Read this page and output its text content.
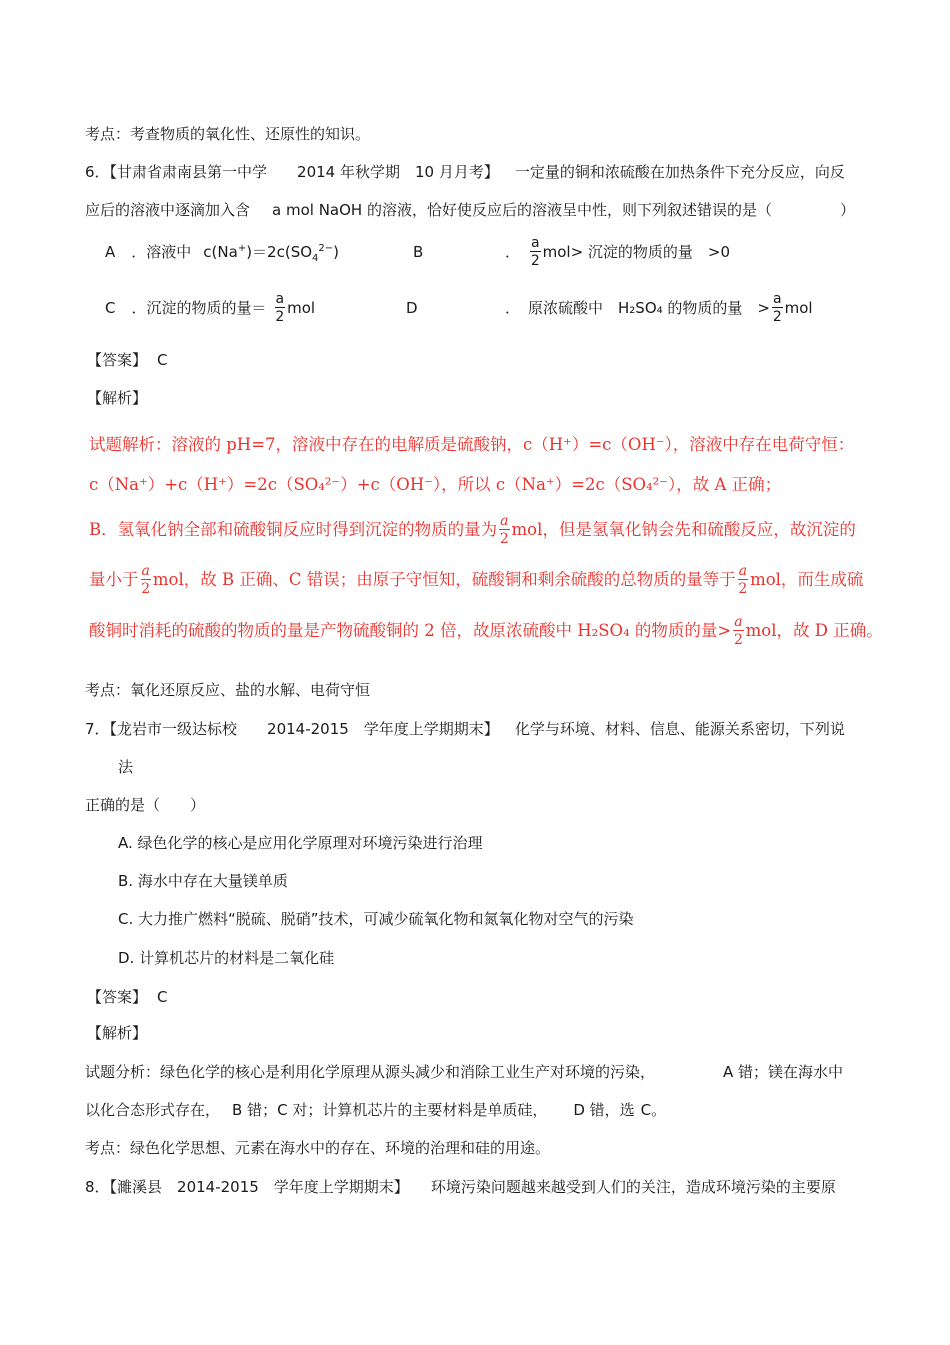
考点：考查物质的氧化性、还原性的知识。
6．【甘肃省肃南县第一中学　　2014 年秋学期　10 月月考】 一定量的铜和浓硫酸在加热条件下充分反应，向反
应后的溶液中逐滴加入含 a mol NaOH 的溶液，恰好使反应后的溶液呈中性，则下列叙述错误的是（	）
A ．溶液中 $c(Na^+)=2c(SO_4^{2-})$	B	． $\frac{a}{2} mol>$ 沉淀的物质的量　>0
C ． 沉淀的物质的量＝ $\frac{a}{2}$ mol	D	． 原浓硫酸中　H₂SO₄ 的物质的量　> $\frac{a}{2}$ mol
【答案】 C
【解析】
试题解析：溶液的 pH=7，溶液中存在的电解质是硫酸钠，c（H⁺）=c（OH⁻），溶液中存在电荷守恒：
c（Na⁺）+c（H⁺）=2c（SO₄²⁻）+c（OH⁻），所以 c（Na⁺）=2c（SO₄²⁻），故 A 正确；
B．氢氧化钠全部和硫酸铜反应时得到沉淀的物质的量为 $\frac{a}{2}$ mol，但是氢氧化钠会先和硫酸反应，故沉淀的
量小于 $\frac{a}{2}$ mol，故 B 正确、C 错误；由原子守恒知，硫酸铜和剩余硫酸的总物质的量等于 $\frac{a}{2}$ mol，而生成硫
酸铜时消耗的硫酸的物质的量是产物硫酸铜的 2 倍，故原浓硫酸中 H₂SO₄ 的物质的量> $\frac{a}{2}$ mol，故 D 正确。
考点：氧化还原反应、盐的水解、电荷守恒
7．【龙岩市一级达标校　　2014-2015　学年度上学期期末】 化学与环境、材料、信息、能源关系密切，下列说
法
正确的是（　　）
A. 绿色化学的核心是应用化学原理对环境污染进行治理
B. 海水中存在大量镁单质
C. 大力推广燃料“脱硫、脱硝”技术，可减少硫氧化物和氮氧化物对空气的污染
D. 计算机芯片的材料是二氧化硅
【答案】 C
【解析】
试题分析：绿色化学的核心是利用化学原理从源头减少和消除工业生产对环境的污染，	A 错；镁在海水中
以化合态形式存在， B 错；C 对；计算机芯片的主要材料是单质硅， D 错，选 C。
考点：绿色化学思想、元素在海水中的存在、环境的治理和硅的用途。
8．【濉溪县　2014-2015　学年度上学期期末】 环境污染问题越来越受到人们的关注，造成环境污染的主要原
